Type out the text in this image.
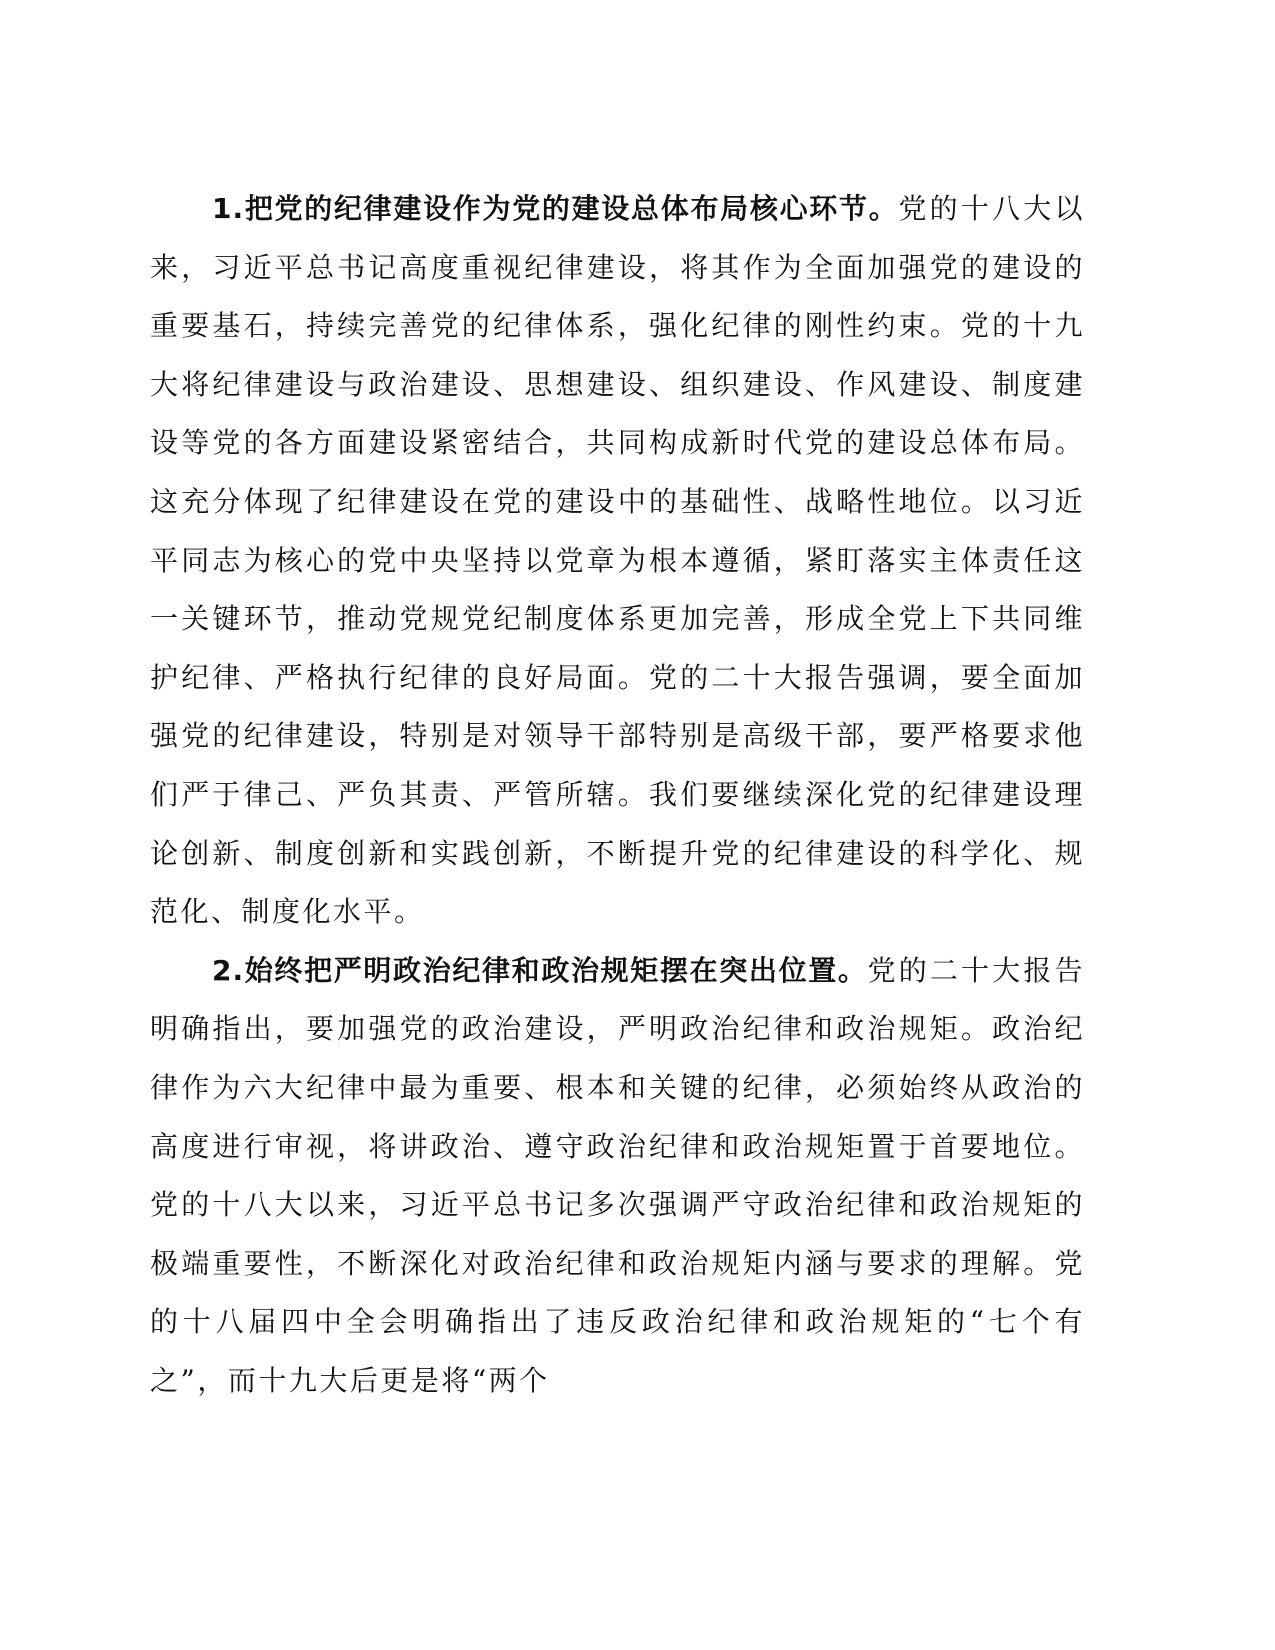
1.把党的纪律建设作为党的建设总体布局核心环节。党的十八大以来，习近平总书记高度重视纪律建设，将其作为全面加强党的建设的重要基石，持续完善党的纪律体系，强化纪律的刚性约束。党的十九大将纪律建设与政治建设、思想建设、组织建设、作风建设、制度建设等党的各方面建设紧密结合，共同构成新时代党的建设总体布局。这充分体现了纪律建设在党的建设中的基础性、战略性地位。以习近平同志为核心的党中央坚持以党章为根本遵循，紧盯落实主体责任这一关键环节，推动党规党纪制度体系更加完善，形成全党上下共同维护纪律、严格执行纪律的良好局面。党的二十大报告强调，要全面加强党的纪律建设，特别是对领导干部特别是高级干部，要严格要求他们严于律己、严负其责、严管所辖。我们要继续深化党的纪律建设理论创新、制度创新和实践创新，不断提升党的纪律建设的科学化、规范化、制度化水平。

2.始终把严明政治纪律和政治规矩摆在突出位置。党的二十大报告明确指出，要加强党的政治建设，严明政治纪律和政治规矩。政治纪律作为六大纪律中最为重要、根本和关键的纪律，必须始终从政治的高度进行审视，将讲政治、遵守政治纪律和政治规矩置于首要地位。党的十八大以来，习近平总书记多次强调严守政治纪律和政治规矩的极端重要性，不断深化对政治纪律和政治规矩内涵与要求的理解。党的十八届四中全会明确指出了违反政治纪律和政治规矩的“七个有之”，而十九大后更是将“两个
